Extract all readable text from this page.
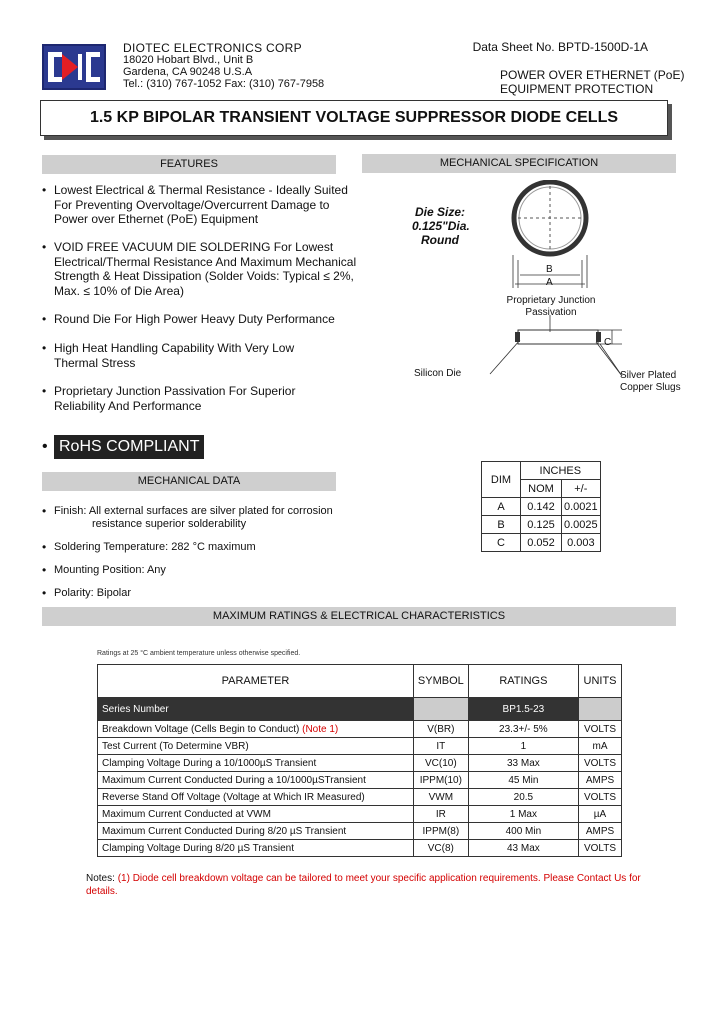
DIOTEC ELECTRONICS CORP
18020 Hobart Blvd., Unit B
Gardena, CA 90248 U.S.A
Tel.: (310) 767-1052 Fax: (310) 767-7958
Data Sheet No. BPTD-1500D-1A
POWER OVER ETHERNET (PoE)
EQUIPMENT PROTECTION
1.5 KP BIPOLAR TRANSIENT VOLTAGE SUPPRESSOR DIODE CELLS
FEATURES
• Lowest Electrical & Thermal Resistance - Ideally Suited For Preventing Overvoltage/Overcurrent Damage to Power over Ethernet (PoE) Equipment
• VOID FREE VACUUM DIE SOLDERING For Lowest Electrical/Thermal Resistance And Maximum Mechanical Strength & Heat Dissipation (Solder Voids: Typical ≤ 2%, Max. ≤ 10% of Die Area)
• Round Die For High Power Heavy Duty Performance
• High Heat Handling Capability With Very Low Thermal Stress
• Proprietary Junction Passivation For Superior Reliability And Performance
• RoHS COMPLIANT
MECHANICAL SPECIFICATION
Die Size:
0.125"Dia.
Round
B
A
C
Proprietary Junction
Passivation
Silicon Die	Silver Plated
Copper Slugs
DIM	INCHES	
	NOM	+/-
A	0.142	0.0021
B	0.125	0.0025
C	0.052	0.003
MECHANICAL DATA
• Finish: All external surfaces are silver plated for corrosion
resistance superior solderability
• Soldering Temperature: 282 °C maximum
• Mounting Position: Any
• Polarity: Bipolar
MAXIMUM RATINGS & ELECTRICAL CHARACTERISTICS
Ratings at 25 °C ambient temperature unless otherwise specified.
PARAMETER	SYMBOL	RATINGS	UNITS
Series Number		BP1.5-23	
Breakdown Voltage (Cells Begin to Conduct) (Note 1)	V(BR)	23.3+/- 5%	VOLTS
Test Current (To Determine VBR)	IT	1	mA
Clamping Voltage During a 10/1000µS Transient	VC(10)	33 Max	VOLTS
Maximum Current Conducted During a 10/1000µSTransient	IPPM(10)	45 Min	AMPS
Reverse Stand Off Voltage (Voltage at Which IR Measured)	VWM	20.5	VOLTS
Maximum Current Conducted at VWM	IR	1 Max	µA
Maximum Current Conducted During 8/20 µS Transient	IPPM(8)	400 Min	AMPS
Clamping Voltage During 8/20 µS Transient	VC(8)	43 Max	VOLTS
Notes: (1) Diode cell breakdown voltage can be tailored to meet your specific application requirements. Please Contact Us for details.
